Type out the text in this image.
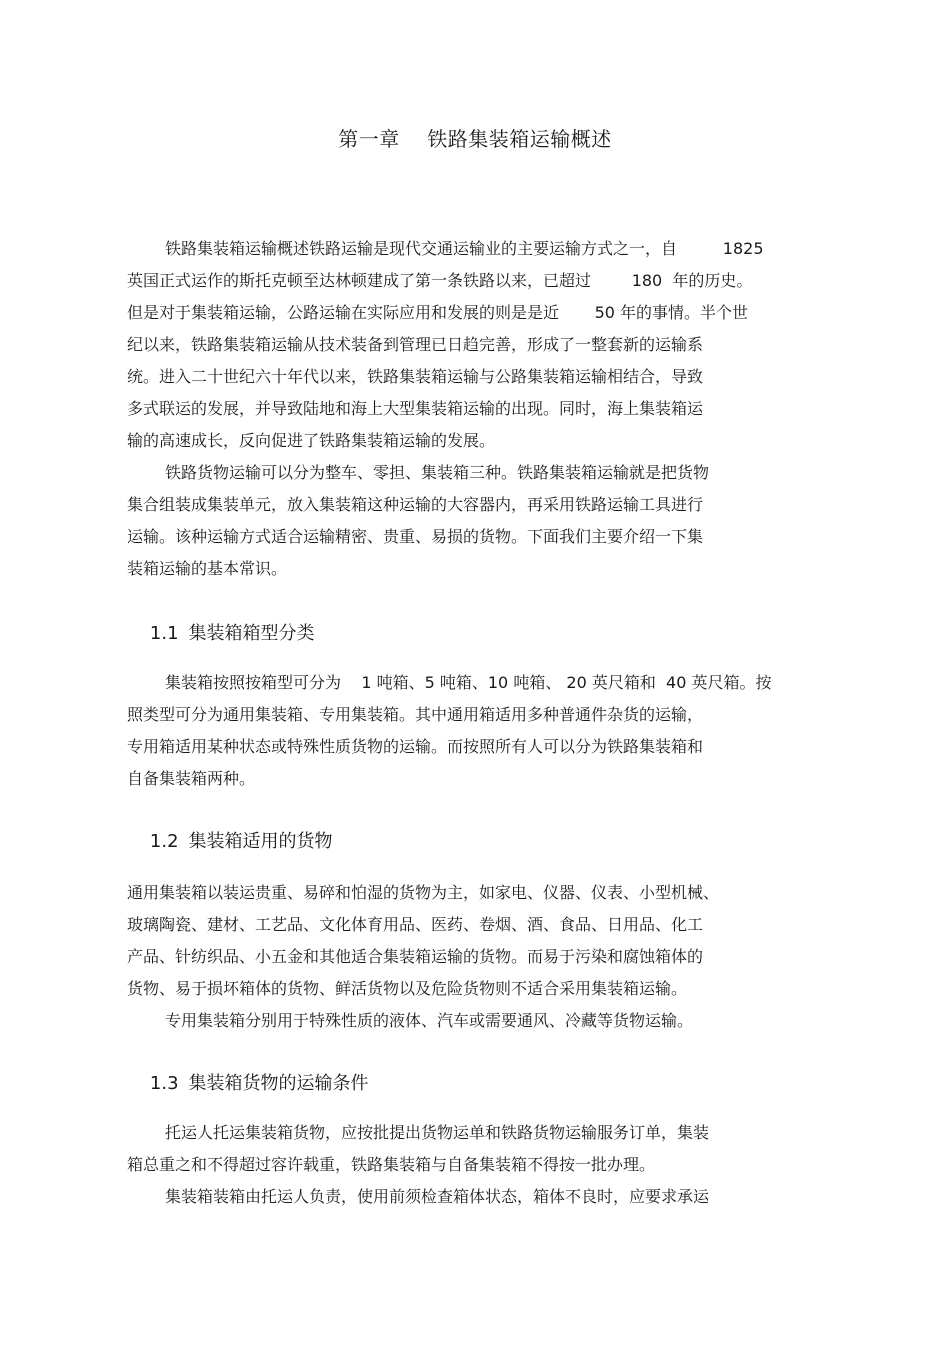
第一章    铁路集装箱运输概述
铁路集装箱运输概述铁路运输是现代交通运输业的主要运输方式之一，自         1825
英国正式运作的斯托克顿至达林顿建成了第一条铁路以来，已超过        180  年的历史。
但是对于集装箱运输，公路运输在实际应用和发展的则是是近       50 年的事情。半个世
纪以来，铁路集装箱运输从技术装备到管理已日趋完善，形成了一整套新的运输系
统。进入二十世纪六十年代以来，铁路集装箱运输与公路集装箱运输相结合，导致
多式联运的发展，并导致陆地和海上大型集装箱运输的出现。同时，海上集装箱运
输的高速成长，反向促进了铁路集装箱运输的发展。
铁路货物运输可以分为整车、零担、集装箱三种。铁路集装箱运输就是把货物
集合组装成集装单元，放入集装箱这种运输的大容器内，再采用铁路运输工具进行
运输。该种运输方式适合运输精密、贵重、易损的货物。下面我们主要介绍一下集
装箱运输的基本常识。

1.1 集装箱箱型分类

集装箱按照按箱型可分为    1 吨箱、5 吨箱、10 吨箱、 20 英尺箱和  40 英尺箱。按
照类型可分为通用集装箱、专用集装箱。其中通用箱适用多种普通件杂货的运输，
专用箱适用某种状态或特殊性质货物的运输。而按照所有人可以分为铁路集装箱和
自备集装箱两种。

1.2 集装箱适用的货物

通用集装箱以装运贵重、易碎和怕湿的货物为主，如家电、仪器、仪表、小型机械、
玻璃陶瓷、建材、工艺品、文化体育用品、医药、卷烟、酒、食品、日用品、化工
产品、针纺织品、小五金和其他适合集装箱运输的货物。而易于污染和腐蚀箱体的
货物、易于损坏箱体的货物、鲜活货物以及危险货物则不适合采用集装箱运输。
专用集装箱分别用于特殊性质的液体、汽车或需要通风、冷藏等货物运输。

1.3 集装箱货物的运输条件

托运人托运集装箱货物，应按批提出货物运单和铁路货物运输服务订单，集装
箱总重之和不得超过容许载重，铁路集装箱与自备集装箱不得按一批办理。
集装箱装箱由托运人负责，使用前须检查箱体状态，箱体不良时，应要求承运
